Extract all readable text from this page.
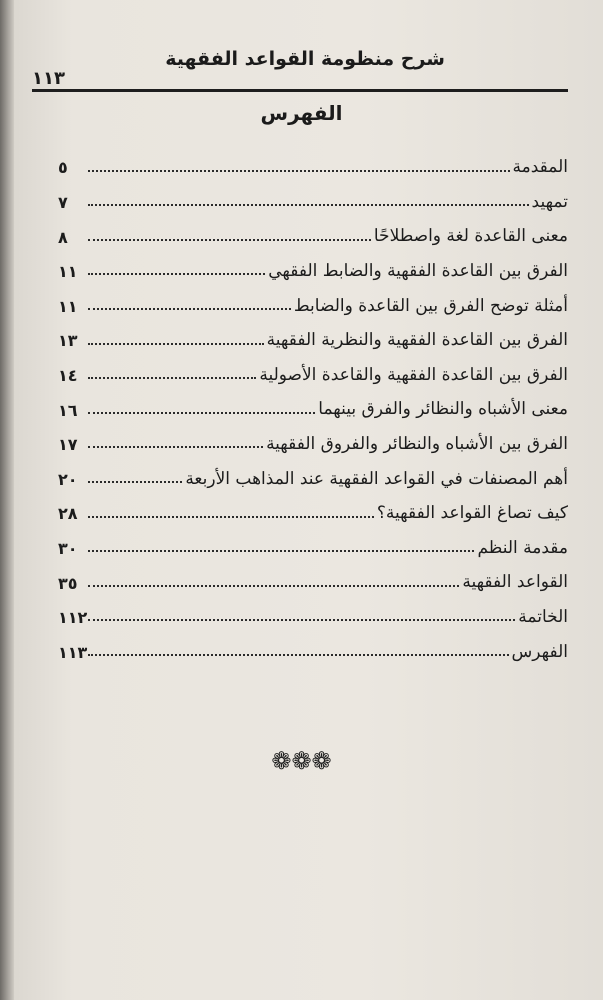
شرح منظومة القواعد الفقهية
١١٣
الفهرس
المقدمة
٥
تمهيد
٧
معنى القاعدة لغة واصطلاحًا
٨
الفرق بين القاعدة الفقهية والضابط الفقهي
١١
أمثلة توضح الفرق بين القاعدة والضابط
١١
الفرق بين القاعدة الفقهية والنظرية الفقهية
١٣
الفرق بين القاعدة الفقهية والقاعدة الأصولية
١٤
معنى الأشباه والنظائر والفرق بينهما
١٦
الفرق بين الأشباه والنظائر والفروق الفقهية
١٧
أهم المصنفات في القواعد الفقهية عند المذاهب الأربعة
٢٠
كيف تصاغ القواعد الفقهية؟
٢٨
مقدمة النظم
٣٠
القواعد الفقهية
٣٥
الخاتمة
١١٢
الفهرس
١١٣
❁❁❁
